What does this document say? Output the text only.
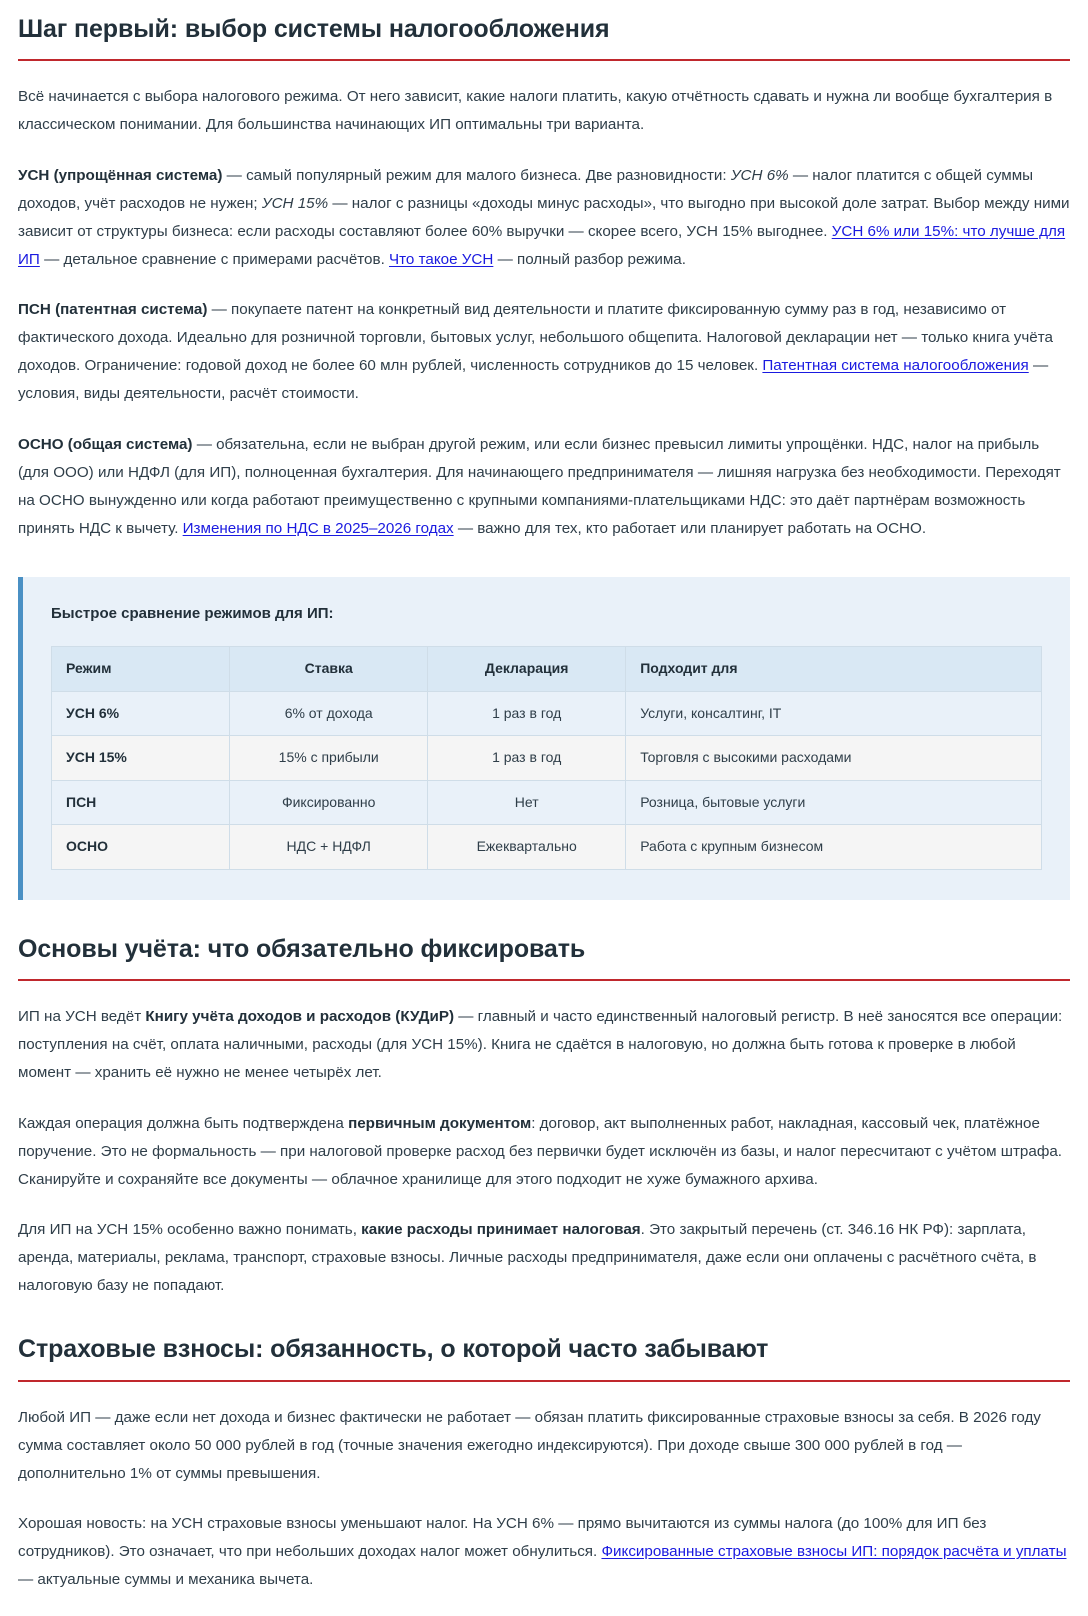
Шаг первый: выбор системы налогообложения

Всё начинается с выбора налогового режима. От него зависит, какие налоги платить, какую отчётность сдавать и нужна ли вообще бухгалтерия в классическом понимании. Для большинства начинающих ИП оптимальны три варианта.

УСН (упрощённая система) — самый популярный режим для малого бизнеса. Две разновидности: УСН 6% — налог платится с общей суммы доходов, учёт расходов не нужен; УСН 15% — налог с разницы «доходы минус расходы», что выгодно при высокой доле затрат. Выбор между ними зависит от структуры бизнеса: если расходы составляют более 60% выручки — скорее всего, УСН 15% выгоднее. УСН 6% или 15%: что лучше для ИП — детальное сравнение с примерами расчётов. Что такое УСН — полный разбор режима.

ПСН (патентная система) — покупаете патент на конкретный вид деятельности и платите фиксированную сумму раз в год, независимо от фактического дохода. Идеально для розничной торговли, бытовых услуг, небольшого общепита. Налоговой декларации нет — только книга учёта доходов. Ограничение: годовой доход не более 60 млн рублей, численность сотрудников до 15 человек. Патентная система налогообложения — условия, виды деятельности, расчёт стоимости.

ОСНО (общая система) — обязательна, если не выбран другой режим, или если бизнес превысил лимиты упрощёнки. НДС, налог на прибыль (для ООО) или НДФЛ (для ИП), полноценная бухгалтерия. Для начинающего предпринимателя — лишняя нагрузка без необходимости. Переходят на ОСНО вынужденно или когда работают преимущественно с крупными компаниями-плательщиками НДС: это даёт партнёрам возможность принять НДС к вычету. Изменения по НДС в 2025–2026 годах — важно для тех, кто работает или планирует работать на ОСНО.

Быстрое сравнение режимов для ИП:
Режим	Ставка	Декларация	Подходит для
УСН 6%	6% от дохода	1 раз в год	Услуги, консалтинг, IT
УСН 15%	15% с прибыли	1 раз в год	Торговля с высокими расходами
ПСН	Фиксированно	Нет	Розница, бытовые услуги
ОСНО	НДС + НДФЛ	Ежеквартально	Работа с крупным бизнесом
Основы учёта: что обязательно фиксировать

ИП на УСН ведёт Книгу учёта доходов и расходов (КУДиР) — главный и часто единственный налоговый регистр. В неё заносятся все операции: поступления на счёт, оплата наличными, расходы (для УСН 15%). Книга не сдаётся в налоговую, но должна быть готова к проверке в любой момент — хранить её нужно не менее четырёх лет.

Каждая операция должна быть подтверждена первичным документом: договор, акт выполненных работ, накладная, кассовый чек, платёжное поручение. Это не формальность — при налоговой проверке расход без первички будет исключён из базы, и налог пересчитают с учётом штрафа. Сканируйте и сохраняйте все документы — облачное хранилище для этого подходит не хуже бумажного архива.

Для ИП на УСН 15% особенно важно понимать, какие расходы принимает налоговая. Это закрытый перечень (ст. 346.16 НК РФ): зарплата, аренда, материалы, реклама, транспорт, страховые взносы. Личные расходы предпринимателя, даже если они оплачены с расчётного счёта, в налоговую базу не попадают.

Страховые взносы: обязанность, о которой часто забывают

Любой ИП — даже если нет дохода и бизнес фактически не работает — обязан платить фиксированные страховые взносы за себя. В 2026 году сумма составляет около 50 000 рублей в год (точные значения ежегодно индексируются). При доходе свыше 300 000 рублей в год — дополнительно 1% от суммы превышения.

Хорошая новость: на УСН страховые взносы уменьшают налог. На УСН 6% — прямо вычитаются из суммы налога (до 100% для ИП без сотрудников). Это означает, что при небольших доходах налог может обнулиться. Фиксированные страховые взносы ИП: порядок расчёта и уплаты — актуальные суммы и механика вычета.
